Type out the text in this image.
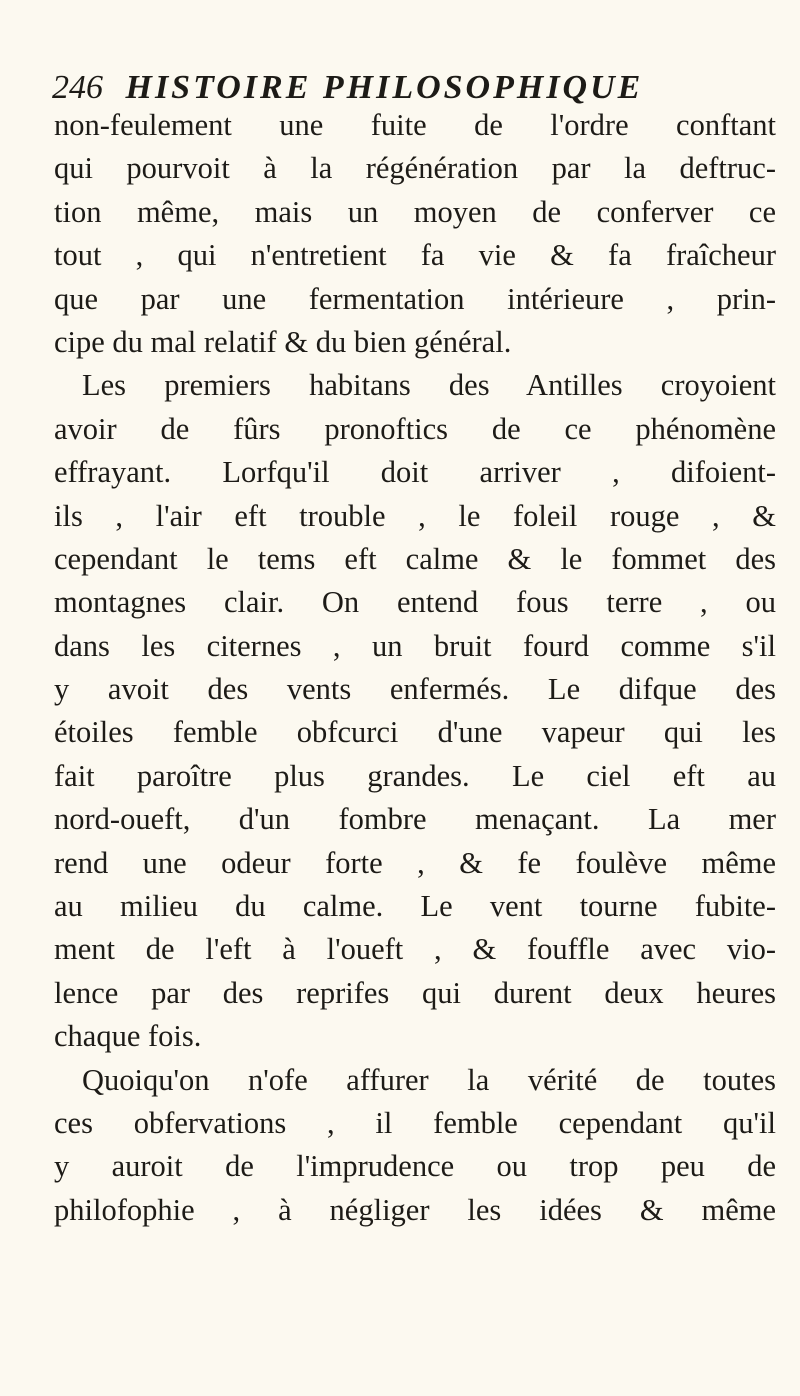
246 HISTOIRE PHILOSOPHIQUE
non-feulement une fuite de l'ordre conftant
qui pourvoit à la régénération par la deftruc-
tion même, mais un moyen de conferver ce
tout , qui n'entretient fa vie & fa fraîcheur
que par une fermentation intérieure , prin-
cipe du mal relatif & du bien général.
Les premiers habitans des Antilles croyoient
avoir de fûrs pronoftics de ce phénomène
effrayant. Lorfqu'il doit arriver , difoient-
ils , l'air eft trouble , le foleil rouge , &
cependant le tems eft calme & le fommet des
montagnes clair. On entend fous terre , ou
dans les citernes , un bruit fourd comme s'il
y avoit des vents enfermés. Le difque des
étoiles femble obfcurci d'une vapeur qui les
fait paroître plus grandes. Le ciel eft au
nord-oueft, d'un fombre menaçant. La mer
rend une odeur forte , & fe foulève même
au milieu du calme. Le vent tourne fubite-
ment de l'eft à l'oueft , & fouffle avec vio-
lence par des reprifes qui durent deux heures
chaque fois.
Quoiqu'on n'ofe affurer la vérité de toutes
ces obfervations , il femble cependant qu'il
y auroit de l'imprudence ou trop peu de
philofophie , à négliger les idées & même
